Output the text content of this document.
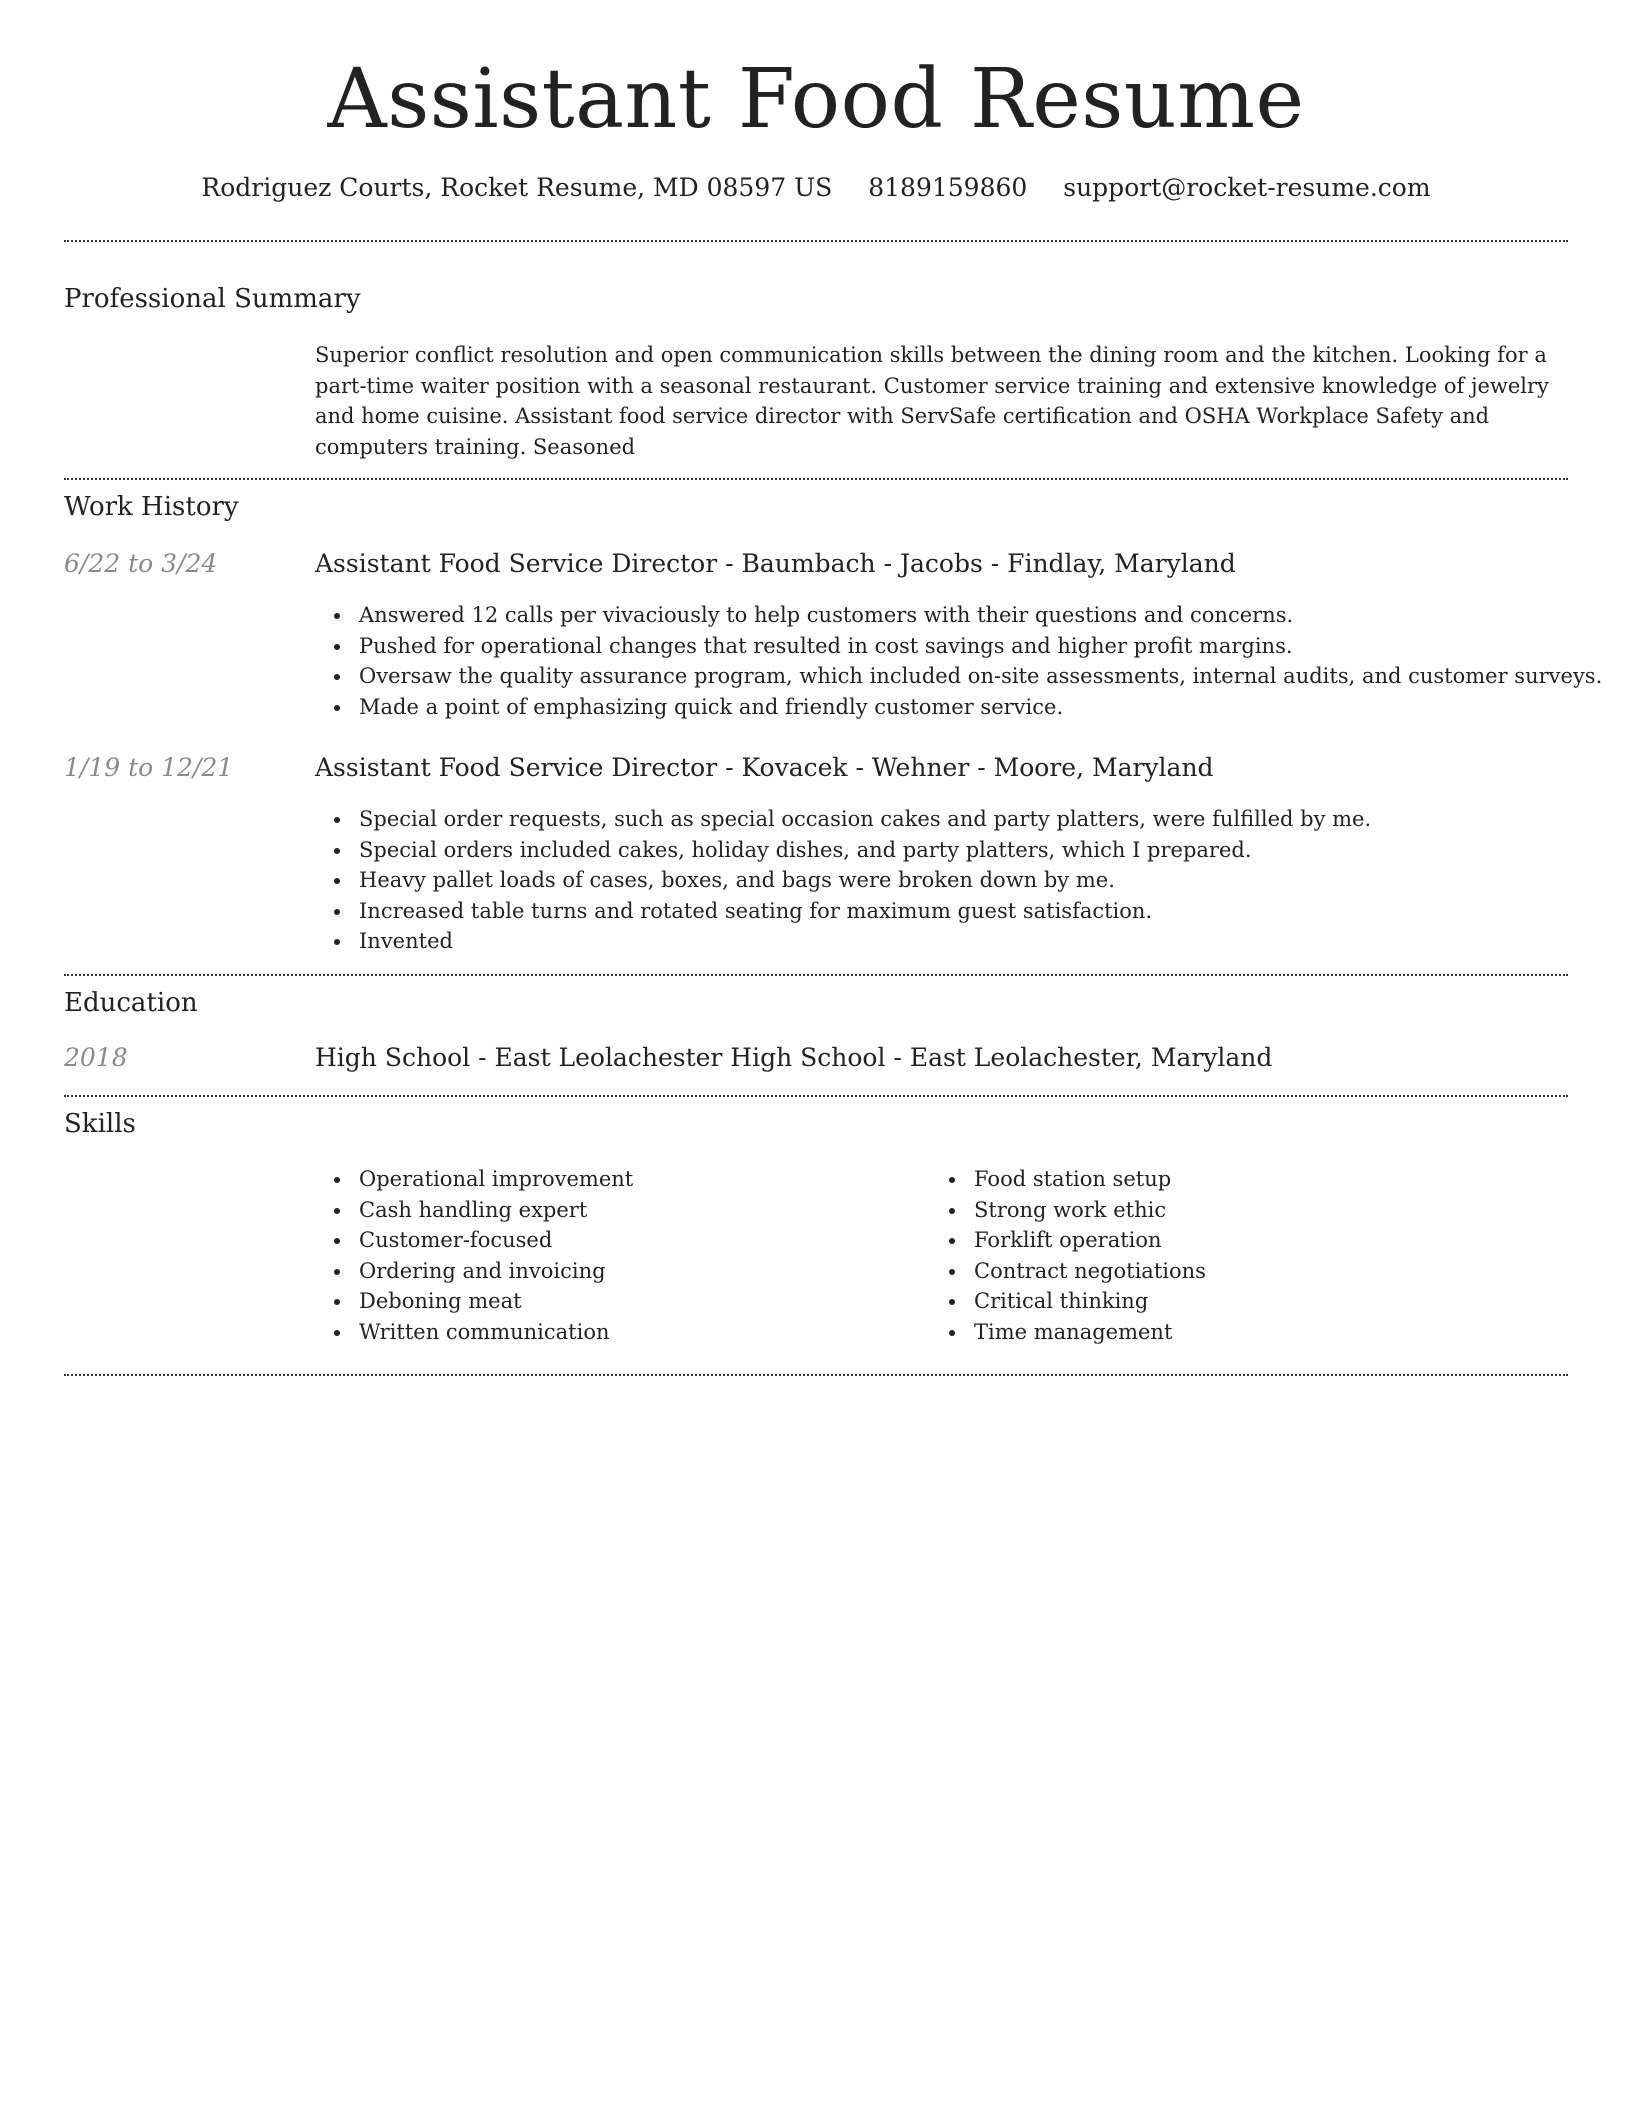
Assistant Food Resume
Rodriguez Courts, Rocket Resume, MD 08597 US 8189159860 support@rocket-resume.com
Professional Summary
Superior conflict resolution and open communication skills between the dining room and the kitchen. Looking for a part-time waiter position with a seasonal restaurant. Customer service training and extensive knowledge of jewelry and home cuisine. Assistant food service director with ServSafe certification and OSHA Workplace Safety and computers training. Seasoned
Work History
6/22 to 3/24	Assistant Food Service Director - Baumbach - Jacobs - Findlay, Maryland
Answered 12 calls per vivaciously to help customers with their questions and concerns.
Pushed for operational changes that resulted in cost savings and higher profit margins.
Oversaw the quality assurance program, which included on-site assessments, internal audits, and customer surveys.
Made a point of emphasizing quick and friendly customer service.
1/19 to 12/21	Assistant Food Service Director - Kovacek - Wehner - Moore, Maryland
Special order requests, such as special occasion cakes and party platters, were fulfilled by me.
Special orders included cakes, holiday dishes, and party platters, which I prepared.
Heavy pallet loads of cases, boxes, and bags were broken down by me.
Increased table turns and rotated seating for maximum guest satisfaction.
Invented
Education
2018	High School - East Leolachester High School - East Leolachester, Maryland
Skills
Operational improvement
Cash handling expert
Customer-focused
Ordering and invoicing
Deboning meat
Written communication
Food station setup
Strong work ethic
Forklift operation
Contract negotiations
Critical thinking
Time management
